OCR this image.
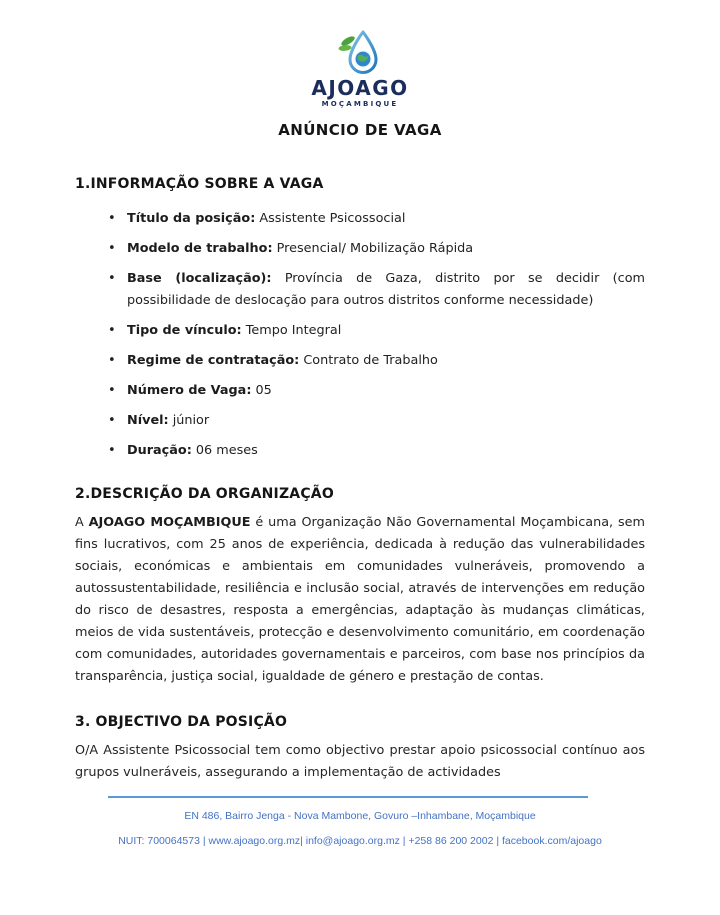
AJOAGO
MOÇAMBIQUE
ANÚNCIO DE VAGA
1.INFORMAÇÃO SOBRE A VAGA
• Título da posição: Assistente Psicossocial
• Modelo de trabalho: Presencial/ Mobilização Rápida
• Base (localização): Província de Gaza, distrito por se decidir (com possibilidade de deslocação para outros distritos conforme necessidade)
• Tipo de vínculo: Tempo Integral
• Regime de contratação: Contrato de Trabalho
• Número de Vaga: 05
• Nível: júnior
• Duração: 06 meses
2.DESCRIÇÃO DA ORGANIZAÇÃO

A AJOAGO MOÇAMBIQUE é uma Organização Não Governamental Moçambicana, sem fins lucrativos, com 25 anos de experiência, dedicada à redução das vulnerabilidades sociais, económicas e ambientais em comunidades vulneráveis, promovendo a autossustentabilidade, resiliência e inclusão social, através de intervenções em redução do risco de desastres, resposta a emergências, adaptação às mudanças climáticas, meios de vida sustentáveis, protecção e desenvolvimento comunitário, em coordenação com comunidades, autoridades governamentais e parceiros, com base nos princípios da transparência, justiça social, igualdade de género e prestação de contas.

3. OBJECTIVO DA POSIÇÃO

O/A Assistente Psicossocial tem como objectivo prestar apoio psicossocial contínuo aos grupos vulneráveis, assegurando a implementação de actividades

EN 486, Bairro Jenga - Nova Mambone, Govuro –Inhambane, Moçambique
NUIT: 700064573 | www.ajoago.org.mz| info@ajoago.org.mz | +258 86 200 2002 | facebook.com/ajoago
